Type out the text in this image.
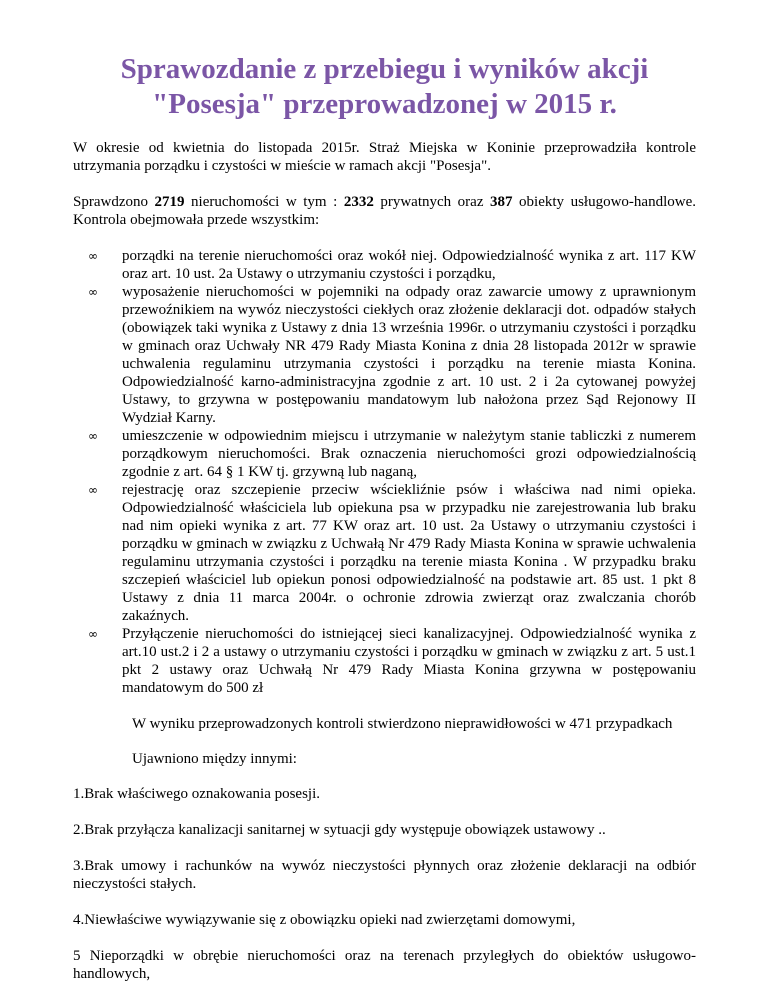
Sprawozdanie z przebiegu i wyników akcji
"Posesja" przeprowadzonej w 2015 r.

W okresie od kwietnia do listopada 2015r. Straż Miejska w Koninie przeprowadziła kontrole utrzymania porządku i czystości w mieście w ramach akcji "Posesja".

Sprawdzono 2719 nieruchomości w tym : 2332 prywatnych oraz 387 obiekty usługowo-handlowe. Kontrola obejmowała przede wszystkim:

∞ porządki na terenie nieruchomości oraz wokół niej. Odpowiedzialność wynika z art. 117 KW oraz art. 10 ust. 2a Ustawy o utrzymaniu czystości i porządku,
∞ wyposażenie nieruchomości w pojemniki na odpady oraz zawarcie umowy z uprawnionym przewoźnikiem na wywóz nieczystości ciekłych oraz złożenie deklaracji dot. odpadów stałych (obowiązek taki wynika z Ustawy z dnia 13 września 1996r. o utrzymaniu czystości i porządku w gminach oraz Uchwały NR 479 Rady Miasta Konina z dnia 28 listopada 2012r w sprawie uchwalenia regulaminu utrzymania czystości i porządku na terenie miasta Konina. Odpowiedzialność karno-administracyjna zgodnie z art. 10 ust. 2 i 2a cytowanej powyżej Ustawy, to grzywna w postępowaniu mandatowym lub nałożona przez Sąd Rejonowy II Wydział Karny.
∞ umieszczenie w odpowiednim miejscu i utrzymanie w należytym stanie tabliczki z numerem porządkowym nieruchomości. Brak oznaczenia nieruchomości grozi odpowiedzialnością zgodnie z art. 64 § 1 KW tj. grzywną lub naganą,
∞ rejestrację oraz szczepienie przeciw wściekliźnie psów i właściwa nad nimi opieka. Odpowiedzialność właściciela lub opiekuna psa w przypadku nie zarejestrowania lub braku nad nim opieki wynika z art. 77 KW oraz art. 10 ust. 2a Ustawy o utrzymaniu czystości i porządku w gminach w związku z Uchwałą Nr 479 Rady Miasta Konina w sprawie uchwalenia regulaminu utrzymania czystości i porządku na terenie miasta Konina . W przypadku braku szczepień właściciel lub opiekun ponosi odpowiedzialność na podstawie art. 85 ust. 1 pkt 8 Ustawy z dnia 11 marca 2004r. o ochronie zdrowia zwierząt oraz zwalczania chorób zakaźnych.
∞ Przyłączenie nieruchomości do istniejącej sieci kanalizacyjnej. Odpowiedzialność wynika z art.10 ust.2 i 2 a ustawy o utrzymaniu czystości i porządku w gminach w związku z art. 5 ust.1 pkt 2 ustawy oraz Uchwałą Nr 479 Rady Miasta Konina grzywna w postępowaniu mandatowym do 500 zł

W wyniku przeprowadzonych kontroli stwierdzono nieprawidłowości w 471 przypadkach

Ujawniono między innymi:

1.Brak właściwego oznakowania posesji.

2.Brak przyłącza kanalizacji sanitarnej w sytuacji gdy występuje obowiązek ustawowy ..

3.Brak umowy i rachunków na wywóz nieczystości płynnych oraz złożenie deklaracji na odbiór nieczystości stałych.

4.Niewłaściwe wywiązywanie się z obowiązku opieki nad zwierzętami domowymi,

5 Nieporządki w obrębie nieruchomości oraz na terenach przyległych do obiektów usługowo-handlowych,
